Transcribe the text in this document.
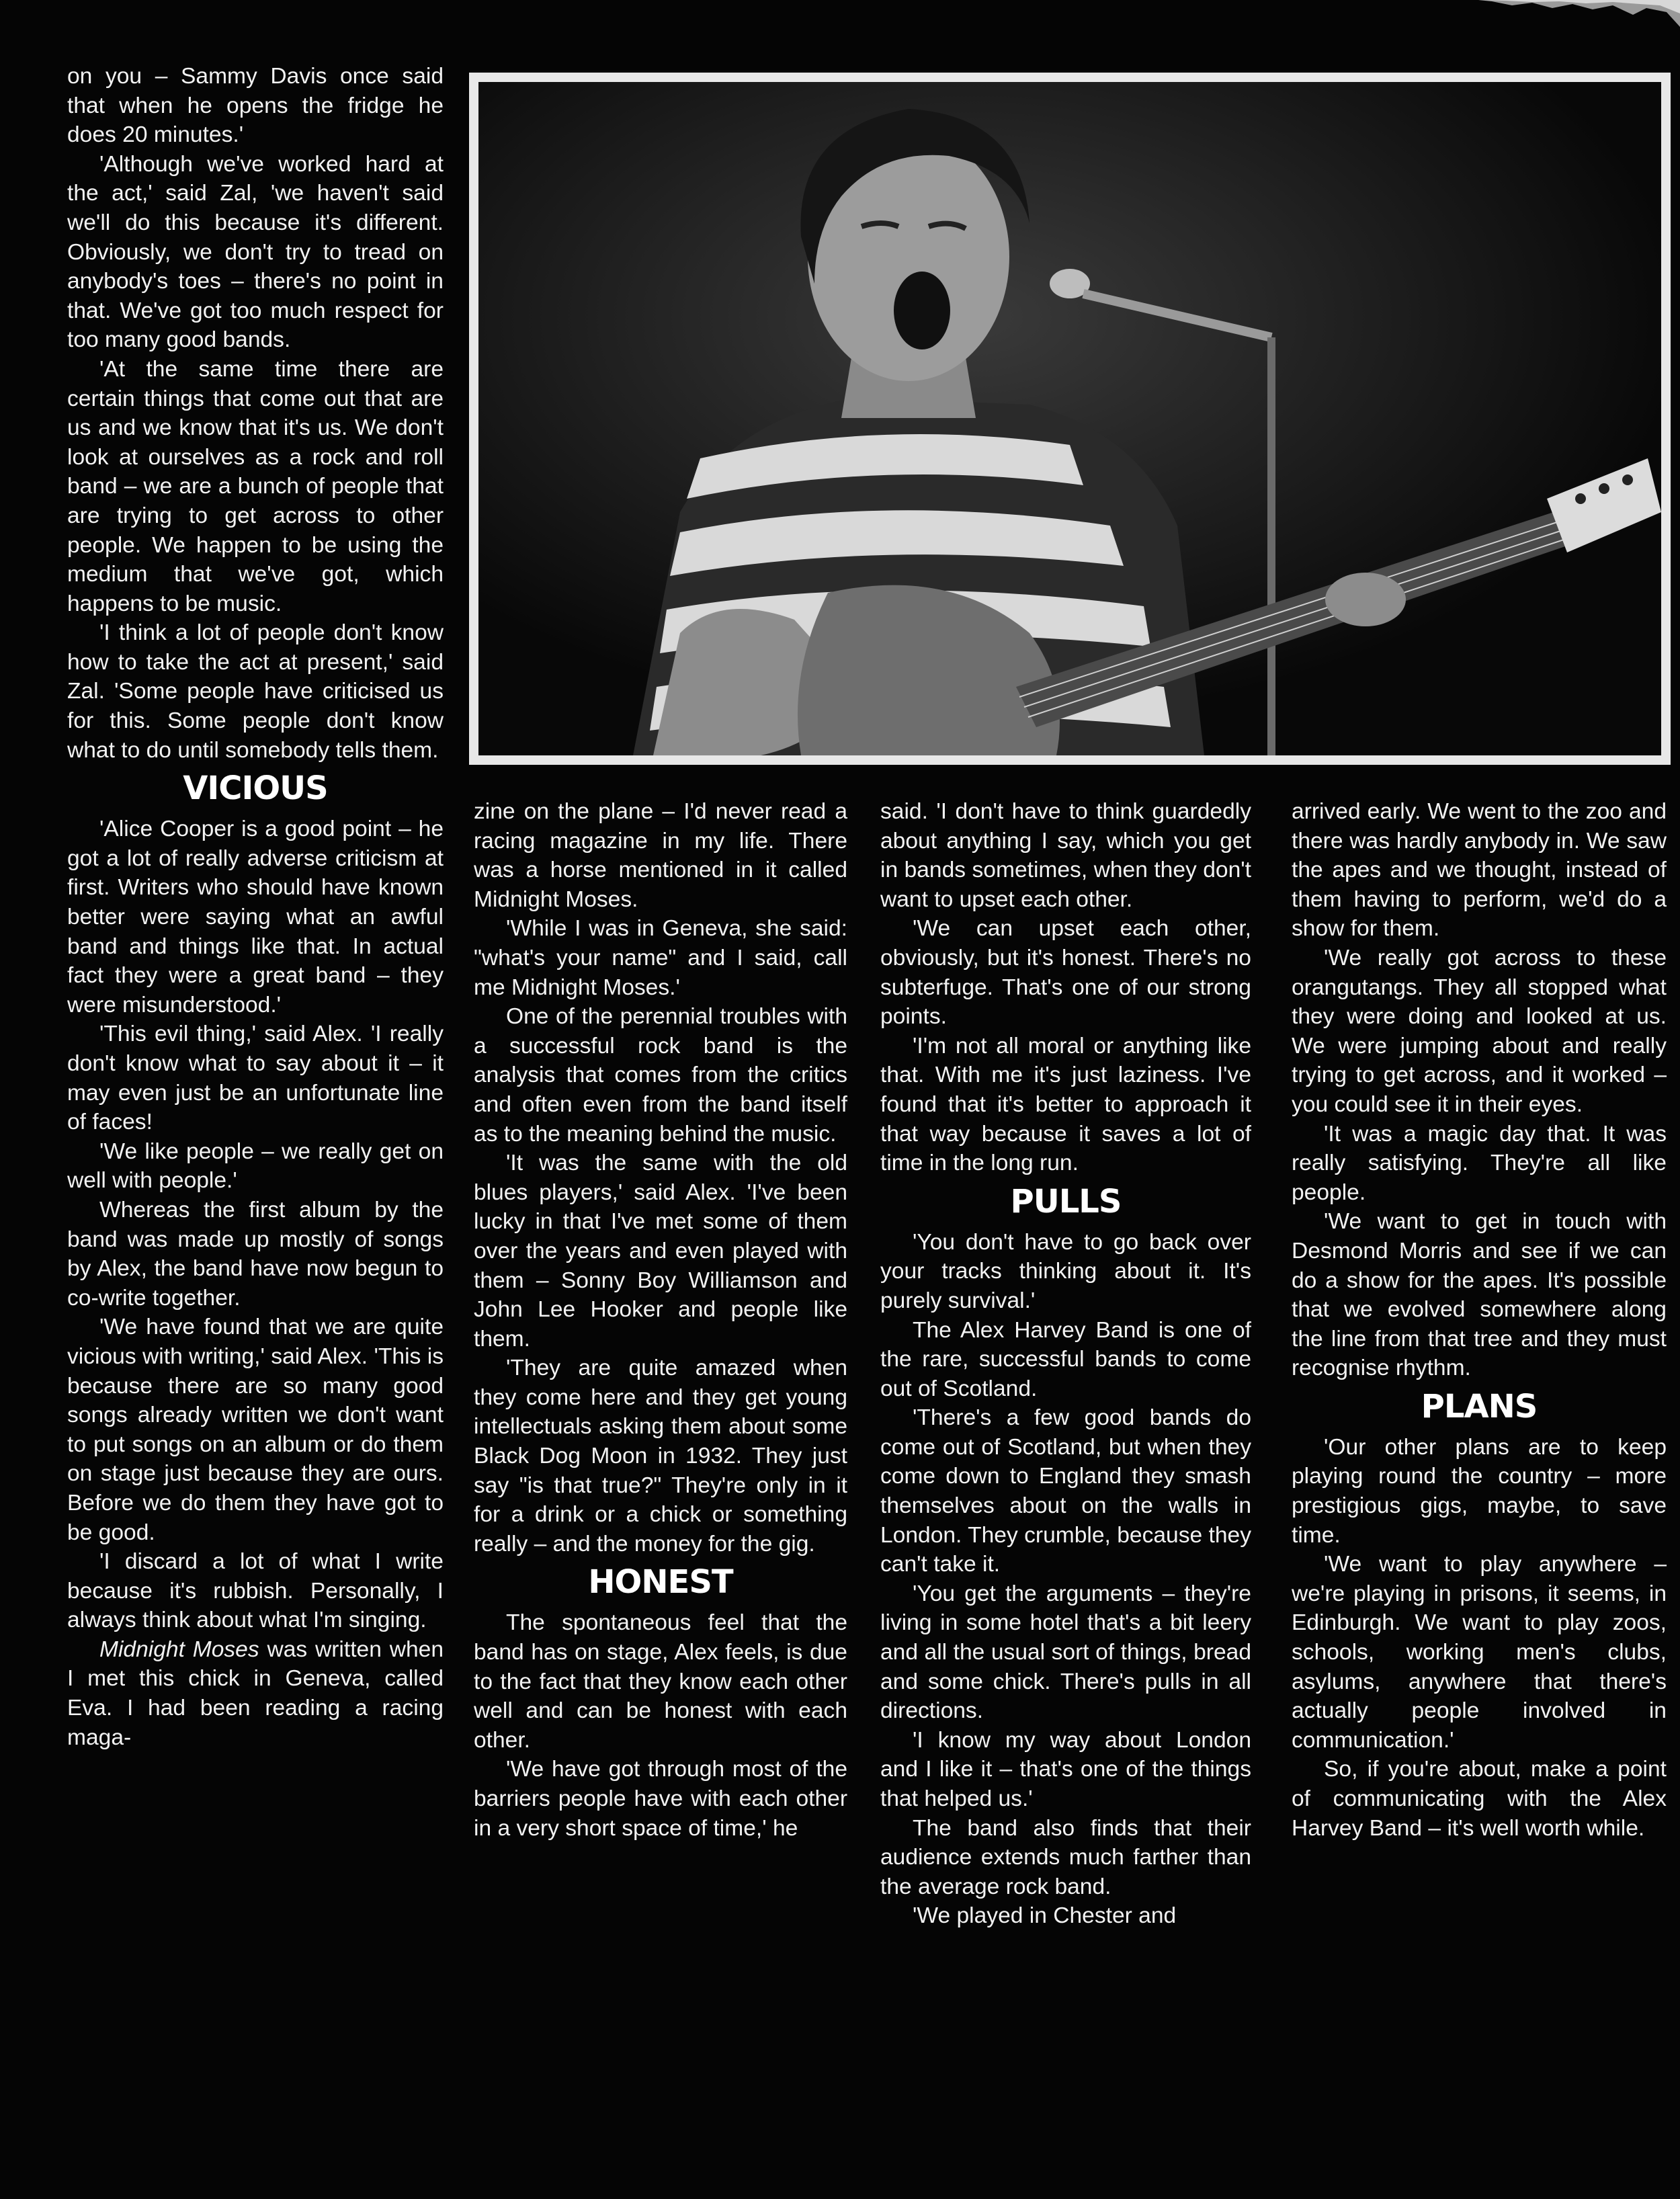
on you – Sammy Davis once said that when he opens the fridge he does 20 minutes.'

'Although we've worked hard at the act,' said Zal, 'we haven't said we'll do this because it's different. Obviously, we don't try to tread on anybody's toes – there's no point in that. We've got too much respect for too many good bands.

'At the same time there are certain things that come out that are us and we know that it's us. We don't look at ourselves as a rock and roll band – we are a bunch of people that are trying to get across to other people. We happen to be using the medium that we've got, which happens to be music.

'I think a lot of people don't know how to take the act at present,' said Zal. 'Some people have criticised us for this. Some people don't know what to do until somebody tells them.

VICIOUS

'Alice Cooper is a good point – he got a lot of really adverse criticism at first. Writers who should have known better were saying what an awful band and things like that. In actual fact they were a great band – they were misunderstood.'

'This evil thing,' said Alex. 'I really don't know what to say about it – it may even just be an unfortunate line of faces!

'We like people – we really get on well with people.'

Whereas the first album by the band was made up mostly of songs by Alex, the band have now begun to co-write together.

'We have found that we are quite vicious with writing,' said Alex. 'This is because there are so many good songs already written we don't want to put songs on an album or do them on stage just because they are ours. Before we do them they have got to be good.

'I discard a lot of what I write because it's rubbish. Personally, I always think about what I'm singing.

Midnight Moses was written when I met this chick in Geneva, called Eva. I had been reading a racing maga-

zine on the plane – I'd never read a racing magazine in my life. There was a horse mentioned in it called Midnight Moses.

'While I was in Geneva, she said: "what's your name" and I said, call me Midnight Moses.'

One of the perennial troubles with a successful rock band is the analysis that comes from the critics and often even from the band itself as to the meaning behind the music.

'It was the same with the old blues players,' said Alex. 'I've been lucky in that I've met some of them over the years and even played with them – Sonny Boy Williamson and John Lee Hooker and people like them.

'They are quite amazed when they come here and they get young intellectuals asking them about some Black Dog Moon in 1932. They just say "is that true?" They're only in it for a drink or a chick or something really – and the money for the gig.

HONEST

The spontaneous feel that the band has on stage, Alex feels, is due to the fact that they know each other well and can be honest with each other.

'We have got through most of the barriers people have with each other in a very short space of time,' he

said. 'I don't have to think guardedly about anything I say, which you get in bands sometimes, when they don't want to upset each other.

'We can upset each other, obviously, but it's honest. There's no subterfuge. That's one of our strong points.

'I'm not all moral or anything like that. With me it's just laziness. I've found that it's better to approach it that way because it saves a lot of time in the long run.

PULLS

'You don't have to go back over your tracks thinking about it. It's purely survival.'

The Alex Harvey Band is one of the rare, successful bands to come out of Scotland.

'There's a few good bands do come out of Scotland, but when they come down to England they smash themselves about on the walls in London. They crumble, because they can't take it.

'You get the arguments – they're living in some hotel that's a bit leery and all the usual sort of things, bread and some chick. There's pulls in all directions.

'I know my way about London and I like it – that's one of the things that helped us.'

The band also finds that their audience extends much farther than the average rock band.

'We played in Chester and

arrived early. We went to the zoo and there was hardly anybody in. We saw the apes and we thought, instead of them having to perform, we'd do a show for them.

'We really got across to these orangutangs. They all stopped what they were doing and looked at us. We were jumping about and really trying to get across, and it worked – you could see it in their eyes.

'It was a magic day that. It was really satisfying. They're all like people.

'We want to get in touch with Desmond Morris and see if we can do a show for the apes. It's possible that we evolved somewhere along the line from that tree and they must recognise rhythm.

PLANS

'Our other plans are to keep playing round the country – more prestigious gigs, maybe, to save time.

'We want to play anywhere – we're playing in prisons, it seems, in Edinburgh. We want to play zoos, schools, working men's clubs, asylums, anywhere that there's actually people involved in communication.'

So, if you're about, make a point of communicating with the Alex Harvey Band – it's well worth while.
